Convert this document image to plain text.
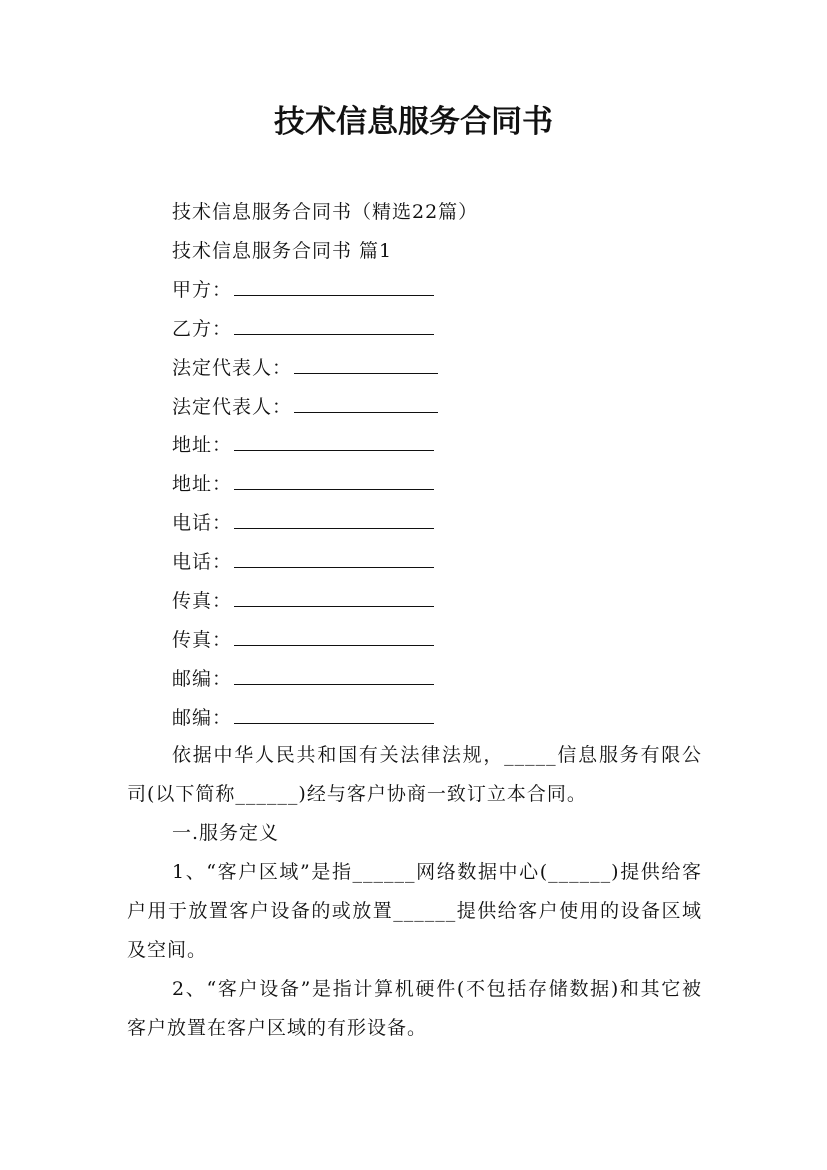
技术信息服务合同书
技术信息服务合同书（精选22篇）
技术信息服务合同书 篇1
甲方：
乙方：
法定代表人：
法定代表人：
地址：
地址：
电话：
电话：
传真：
传真：
邮编：
邮编：
依据中华人民共和国有关法律法规，_____信息服务有限公司(以下简称______)经与客户协商一致订立本合同。
一.服务定义
1、“客户区域”是指______网络数据中心(______)提供给客户用于放置客户设备的或放置______提供给客户使用的设备区域及空间。
2、“客户设备”是指计算机硬件(不包括存储数据)和其它被客户放置在客户区域的有形设备。
